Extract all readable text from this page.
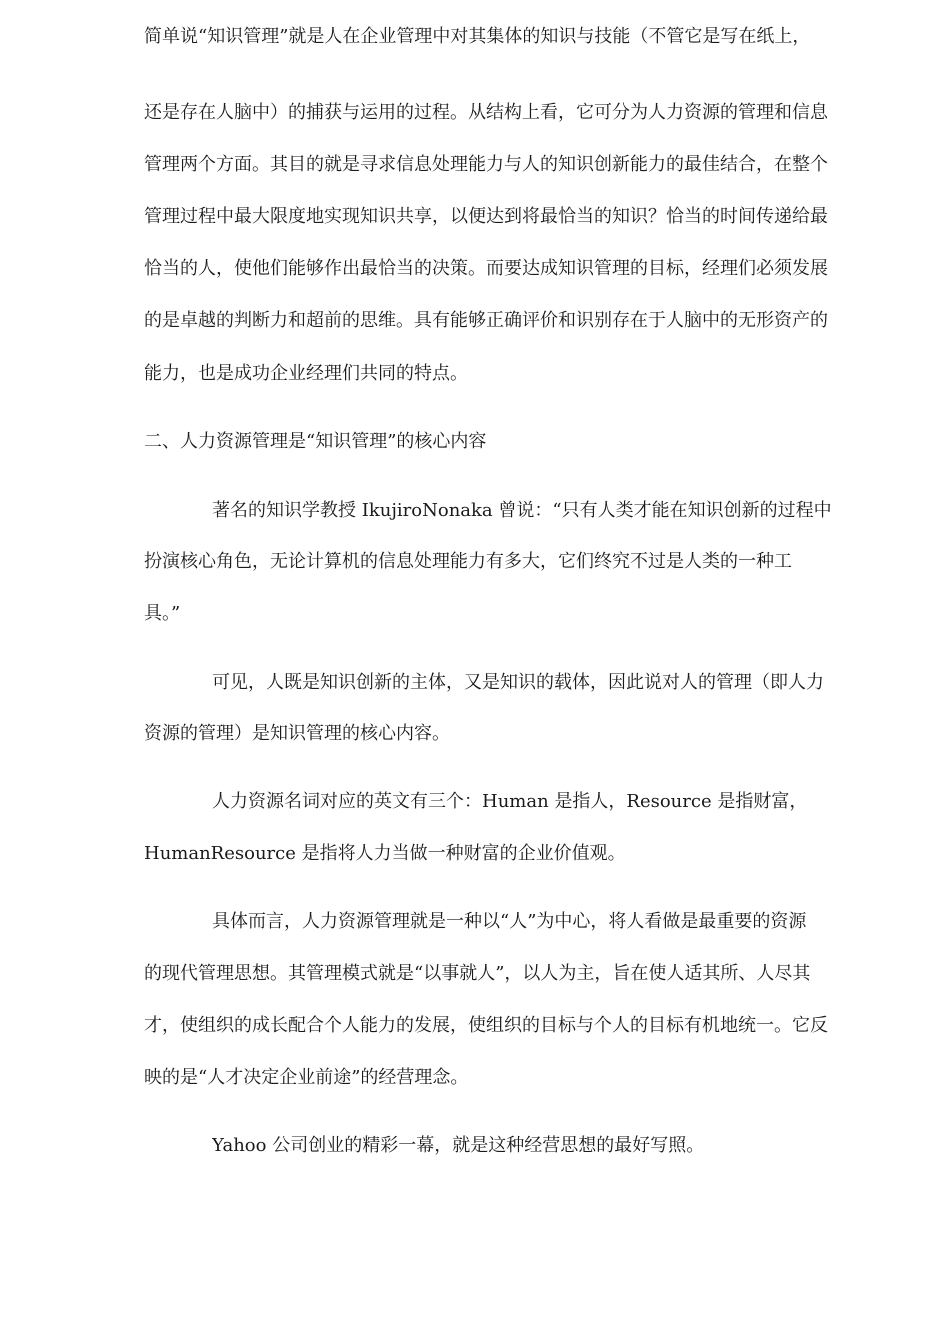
简单说“知识管理”就是人在企业管理中对其集体的知识与技能（不管它是写在纸上，
还是存在人脑中）的捕获与运用的过程。从结构上看，它可分为人力资源的管理和信息
管理两个方面。其目的就是寻求信息处理能力与人的知识创新能力的最佳结合，在整个
管理过程中最大限度地实现知识共享，以便达到将最恰当的知识？恰当的时间传递给最
恰当的人，使他们能够作出最恰当的决策。而要达成知识管理的目标，经理们必须发展
的是卓越的判断力和超前的思维。具有能够正确评价和识别存在于人脑中的无形资产的
能力，也是成功企业经理们共同的特点。
二、人力资源管理是“知识管理”的核心内容
著名的知识学教授 IkujiroNonaka 曾说：“只有人类才能在知识创新的过程中
扮演核心角色，无论计算机的信息处理能力有多大，它们终究不过是人类的一种工
具。”
可见，人既是知识创新的主体，又是知识的载体，因此说对人的管理（即人力
资源的管理）是知识管理的核心内容。
人力资源名词对应的英文有三个：Human 是指人，Resource 是指财富，
HumanResource 是指将人力当做一种财富的企业价值观。
具体而言，人力资源管理就是一种以“人”为中心，将人看做是最重要的资源
的现代管理思想。其管理模式就是“以事就人”，以人为主，旨在使人适其所、人尽其
才，使组织的成长配合个人能力的发展，使组织的目标与个人的目标有机地统一。它反
映的是“人才决定企业前途”的经营理念。
Yahoo 公司创业的精彩一幕，就是这种经营思想的最好写照。
